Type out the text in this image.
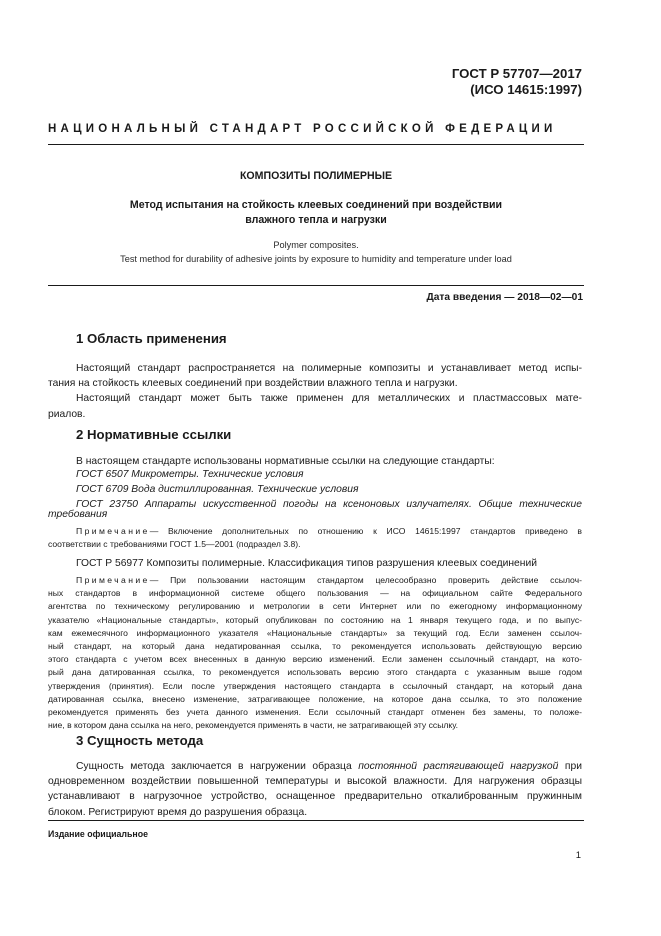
ГОСТ Р 57707—2017
(ИСО 14615:1997)
НАЦИОНАЛЬНЫЙ СТАНДАРТ РОССИЙСКОЙ ФЕДЕРАЦИИ
КОМПОЗИТЫ ПОЛИМЕРНЫЕ
Метод испытания на стойкость клеевых соединений при воздействии
влажного тепла и нагрузки
Polymer composites.
Test method for durability of adhesive joints by exposure to humidity and temperature under load
Дата введения — 2018—02—01
1 Область применения
Настоящий стандарт распространяется на полимерные композиты и устанавливает метод испы-
тания на стойкость клеевых соединений при воздействии влажного тепла и нагрузки.
Настоящий стандарт может быть также применен для металлических и пластмассовых мате-
риалов.
2 Нормативные ссылки
В настоящем стандарте использованы нормативные ссылки на следующие стандарты:
ГОСТ 6507 Микрометры. Технические условия
ГОСТ 6709 Вода дистиллированная. Технические условия
ГОСТ 23750 Аппараты искусственной погоды на ксеноновых излучателях. Общие технические
требования
Примечание— Включение дополнительных по отношению к ИСО 14615:1997 стандартов приведено в
соответствии с требованиями ГОСТ 1.5—2001 (подраздел 3.8).
ГОСТ Р 56977 Композиты полимерные. Классификация типов разрушения клеевых соединений
Примечание— При пользовании настоящим стандартом целесообразно проверить действие ссылоч-
ных стандартов в информационной системе общего пользования — на официальном сайте Федерального
агентства по техническому регулированию и метрологии в сети Интернет или по ежегодному информационному
указателю «Национальные стандарты», который опубликован по состоянию на 1 января текущего года, и по выпус-
кам ежемесячного информационного указателя «Национальные стандарты» за текущий год. Если заменен ссылоч-
ный стандарт, на который дана недатированная ссылка, то рекомендуется использовать действующую версию
этого стандарта с учетом всех внесенных в данную версию изменений. Если заменен ссылочный стандарт, на кото-
рый дана датированная ссылка, то рекомендуется использовать версию этого стандарта с указанным выше годом
утверждения (принятия). Если после утверждения настоящего стандарта в ссылочный стандарт, на который дана
датированная ссылка, внесено изменение, затрагивающее положение, на которое дана ссылка, то это положение
рекомендуется применять без учета данного изменения. Если ссылочный стандарт отменен без замены, то положе-
ние, в котором дана ссылка на него, рекомендуется применять в части, не затрагивающей эту ссылку.
3 Сущность метода
Сущность метода заключается в нагружении образца постоянной растягивающей нагрузкой при
одновременном воздействии повышенной температуры и высокой влажности. Для нагружения образцы
устанавливают в нагрузочное устройство, оснащенное предварительно откалиброванным пружинным
блоком. Регистрируют время до разрушения образца.
Издание официальное
1
